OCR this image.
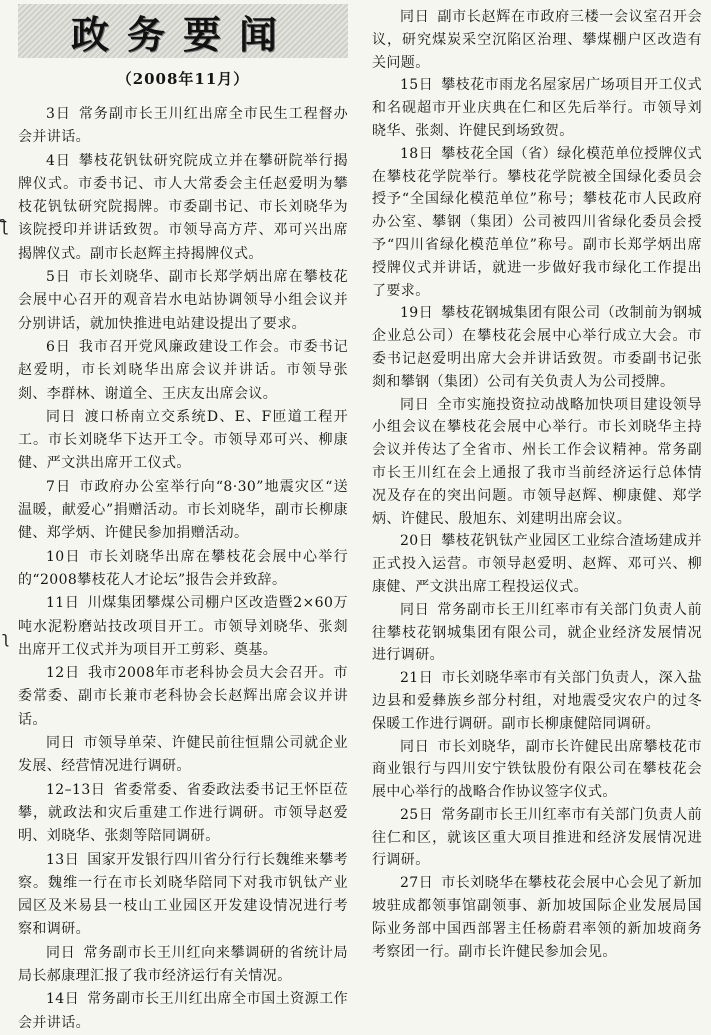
政务要闻
（2008年11月）

3日 常务副市长王川红出席全市民生工程督办会并讲话。

4日 攀枝花钒钛研究院成立并在攀研院举行揭牌仪式。市委书记、市人大常委会主任赵爱明为攀枝花钒钛研究院揭牌。市委副书记、市长刘晓华为该院授印并讲话致贺。市领导高方芹、邓可兴出席揭牌仪式。副市长赵辉主持揭牌仪式。

5日 市长刘晓华、副市长郑学炳出席在攀枝花会展中心召开的观音岩水电站协调领导小组会议并分别讲话，就加快推进电站建设提出了要求。

6日 我市召开党风廉政建设工作会。市委书记赵爱明，市长刘晓华出席会议并讲话。市领导张剡、李群林、谢道全、王庆友出席会议。

同日 渡口桥南立交系统D、E、F匝道工程开工。市长刘晓华下达开工令。市领导邓可兴、柳康健、严文洪出席开工仪式。

7日 市政府办公室举行向“8·30”地震灾区“送温暖，献爱心”捐赠活动。市长刘晓华，副市长柳康健、郑学炳、许健民参加捐赠活动。

10日 市长刘晓华出席在攀枝花会展中心举行的“2008攀枝花人才论坛”报告会并致辞。

11日 川煤集团攀煤公司棚户区改造暨2×60万吨水泥粉磨站技改项目开工。市领导刘晓华、张剡出席开工仪式并为项目开工剪彩、奠基。

12日 我市2008年市老科协会员大会召开。市委常委、副市长兼市老科协会长赵辉出席会议并讲话。

同日 市领导单荣、许健民前往恒鼎公司就企业发展、经营情况进行调研。

12–13日 省委常委、省委政法委书记王怀臣莅攀，就政法和灾后重建工作进行调研。市领导赵爱明、刘晓华、张剡等陪同调研。

13日 国家开发银行四川省分行行长魏维来攀考察。魏维一行在市长刘晓华陪同下对我市钒钛产业园区及米易县一枝山工业园区开发建设情况进行考察和调研。

同日 常务副市长王川红向来攀调研的省统计局局长郝康理汇报了我市经济运行有关情况。

14日 常务副市长王川红出席全市国土资源工作会并讲话。

同日 副市长赵辉在市政府三楼一会议室召开会议，研究煤炭采空沉陷区治理、攀煤棚户区改造有关问题。

15日 攀枝花市雨龙名屋家居广场项目开工仪式和名砚超市开业庆典在仁和区先后举行。市领导刘晓华、张剡、许健民到场致贺。

18日 攀枝花全国（省）绿化模范单位授牌仪式在攀枝花学院举行。攀枝花学院被全国绿化委员会授予“全国绿化模范单位”称号；攀枝花市人民政府办公室、攀钢（集团）公司被四川省绿化委员会授予“四川省绿化模范单位”称号。副市长郑学炳出席授牌仪式并讲话，就进一步做好我市绿化工作提出了要求。

19日 攀枝花钢城集团有限公司（改制前为钢城企业总公司）在攀枝花会展中心举行成立大会。市委书记赵爱明出席大会并讲话致贺。市委副书记张剡和攀钢（集团）公司有关负责人为公司授牌。

同日 全市实施投资拉动战略加快项目建设领导小组会议在攀枝花会展中心举行。市长刘晓华主持会议并传达了全省市、州长工作会议精神。常务副市长王川红在会上通报了我市当前经济运行总体情况及存在的突出问题。市领导赵辉、柳康健、郑学炳、许健民、殷旭东、刘建明出席会议。

20日 攀枝花钒钛产业园区工业综合渣场建成并正式投入运营。市领导赵爱明、赵辉、邓可兴、柳康健、严文洪出席工程投运仪式。

同日 常务副市长王川红率市有关部门负责人前往攀枝花钢城集团有限公司，就企业经济发展情况进行调研。

21日 市长刘晓华率市有关部门负责人，深入盐边县和爱彝族乡部分村组，对地震受灾农户的过冬保暖工作进行调研。副市长柳康健陪同调研。

同日 市长刘晓华，副市长许健民出席攀枝花市商业银行与四川安宁铁钛股份有限公司在攀枝花会展中心举行的战略合作协议签字仪式。

25日 常务副市长王川红率市有关部门负责人前往仁和区，就该区重大项目推进和经济发展情况进行调研。

27日 市长刘晓华在攀枝花会展中心会见了新加坡驻成都领事馆副领事、新加坡国际企业发展局国际业务部中国西部署主任杨蔚君率领的新加坡商务考察团一行。副市长许健民参加会见。

ƪ
ʅ
